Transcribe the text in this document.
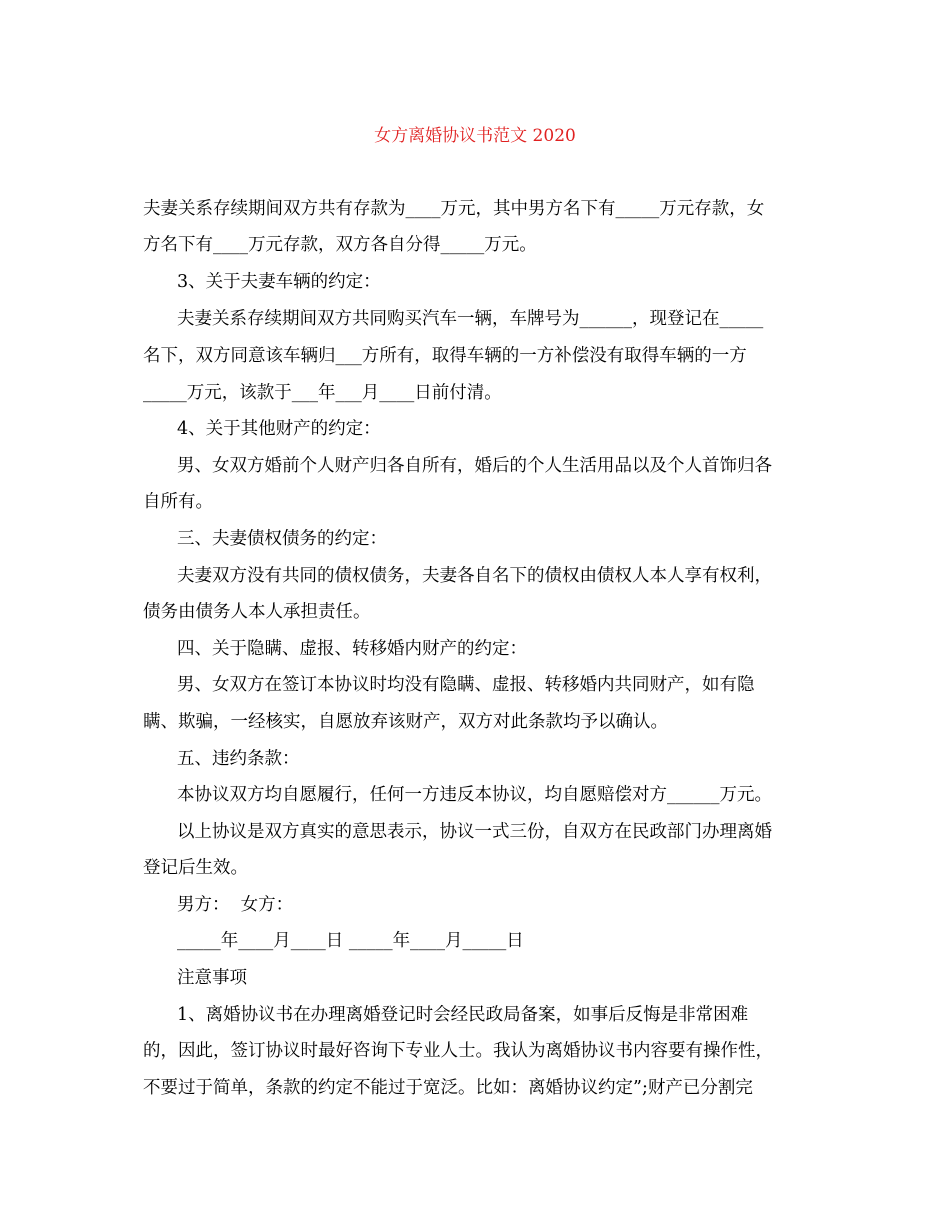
女方离婚协议书范文 2020
夫妻关系存续期间双方共有存款为____万元，其中男方名下有_____万元存款，女
方名下有____万元存款，双方各自分得_____万元。
3、关于夫妻车辆的约定：
夫妻关系存续期间双方共同购买汽车一辆，车牌号为______，现登记在_____
名下，双方同意该车辆归___方所有，取得车辆的一方补偿没有取得车辆的一方
_____万元，该款于___年___月____日前付清。
4、关于其他财产的约定：
男、女双方婚前个人财产归各自所有，婚后的个人生活用品以及个人首饰归各
自所有。
三、夫妻债权债务的约定：
夫妻双方没有共同的债权债务，夫妻各自名下的债权由债权人本人享有权利，
债务由债务人本人承担责任。
四、关于隐瞒、虚报、转移婚内财产的约定：
男、女双方在签订本协议时均没有隐瞒、虚报、转移婚内共同财产，如有隐
瞒、欺骗，一经核实，自愿放弃该财产，双方对此条款均予以确认。
五、违约条款：
本协议双方均自愿履行，任何一方违反本协议，均自愿赔偿对方______万元。
以上协议是双方真实的意思表示，协议一式三份，自双方在民政部门办理离婚
登记后生效。
男方：  女方：
_____年____月____日 _____年____月_____日
注意事项
1、离婚协议书在办理离婚登记时会经民政局备案，如事后反悔是非常困难
的，因此，签订协议时最好咨询下专业人士。我认为离婚协议书内容要有操作性，
不要过于简单，条款的约定不能过于宽泛。比如：离婚协议约定”;财产已分割完
